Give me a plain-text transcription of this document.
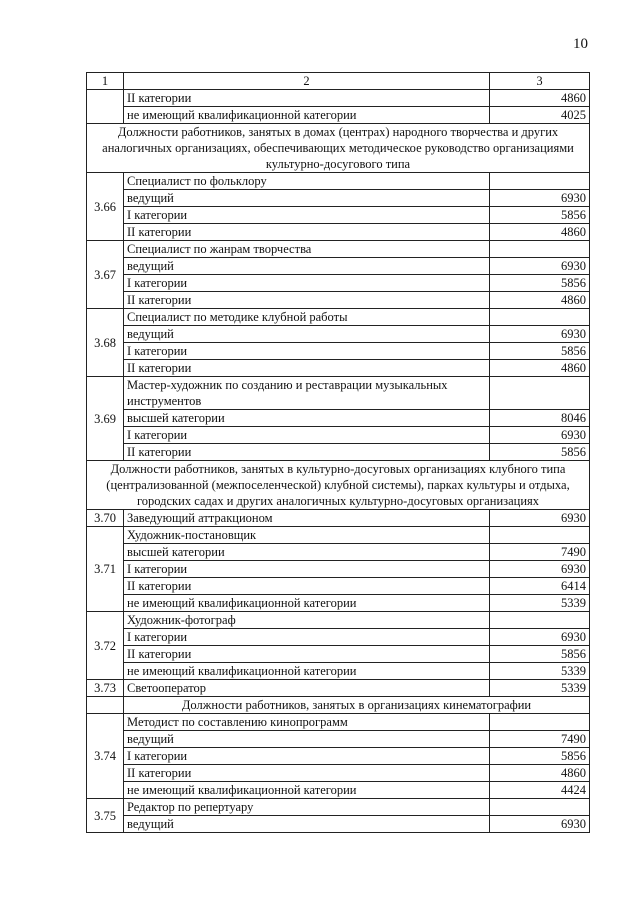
10
1	2	3
	II категории	4860
	не имеющий квалификационной категории	4025
Должности работников, занятых в домах (центрах) народного творчества и других аналогичных организациях, обеспечивающих методическое руководство организациями культурно-досугового типа		
3.66	Специалист по фольклору	
	ведущий	6930
	I категории	5856
	II категории	4860
3.67	Специалист по жанрам творчества	
	ведущий	6930
	I категории	5856
	II категории	4860
3.68	Специалист по методике клубной работы	
	ведущий	6930
	I категории	5856
	II категории	4860
3.69	Мастер-художник по созданию и реставрации музыкальных инструментов	
	высшей категории	8046
	I категории	6930
	II категории	5856
Должности работников, занятых в культурно-досуговых организациях клубного типа (централизованной (межпоселенческой) клубной системы), парках культуры и отдыха, городских садах и других аналогичных культурно-досуговых организациях		
3.70	Заведующий аттракционом	6930
3.71	Художник-постановщик	
	высшей категории	7490
	I категории	6930
	II категории	6414
	не имеющий квалификационной категории	5339
3.72	Художник-фотограф	
	I категории	6930
	II категории	5856
	не имеющий квалификационной категории	5339
3.73	Светооператор	5339
	Должности работников, занятых в организациях кинематографии	
3.74	Методист по составлению кинопрограмм	
	ведущий	7490
	I категории	5856
	II категории	4860
	не имеющий квалификационной категории	4424
3.75	Редактор по репертуару	
	ведущий	6930
